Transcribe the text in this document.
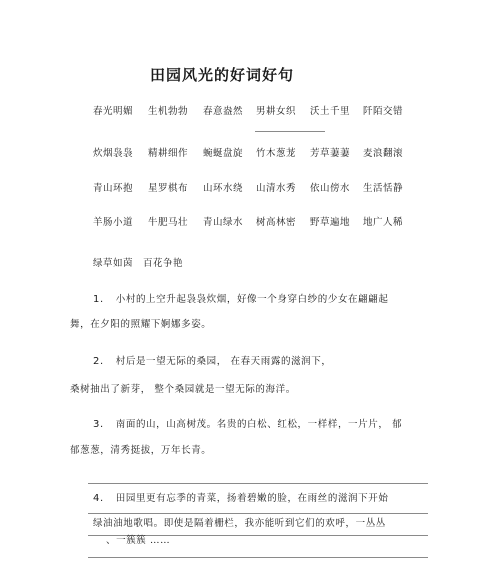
田园风光的好词好句
春光明媚 生机勃勃 春意盎然 男耕女织 沃土千里 阡陌交错
炊烟袅袅 精耕细作 蜿蜒盘旋 竹木葱茏 芳草萋萋 麦浪翻滚
青山环抱 星罗棋布 山环水绕 山清水秀 依山傍水 生活恬静
羊肠小道 牛肥马壮 青山绿水 树高林密 野草遍地 地广人稀
绿草如茵 百花争艳
1. 小村的上空升起袅袅炊烟，好像一个身穿白纱的少女在翩翩起
舞，在夕阳的照耀下婀娜多姿。
2. 村后是一望无际的桑园， 在春天雨露的滋润下，
桑树抽出了新芽， 整个桑园就是一望无际的海洋。
3. 南面的山，山高树茂。名贵的白松、红松，一样样，一片片， 郁
郁葱葱，清秀挺拔，万年长青。
4. 田园里更有忘季的青菜，扬着碧嫩的脸，在雨丝的滋润下开始
绿油油地歌唱。即使是隔着栅栏，我亦能听到它们的欢呼，一丛丛
、一簇簇 ……
